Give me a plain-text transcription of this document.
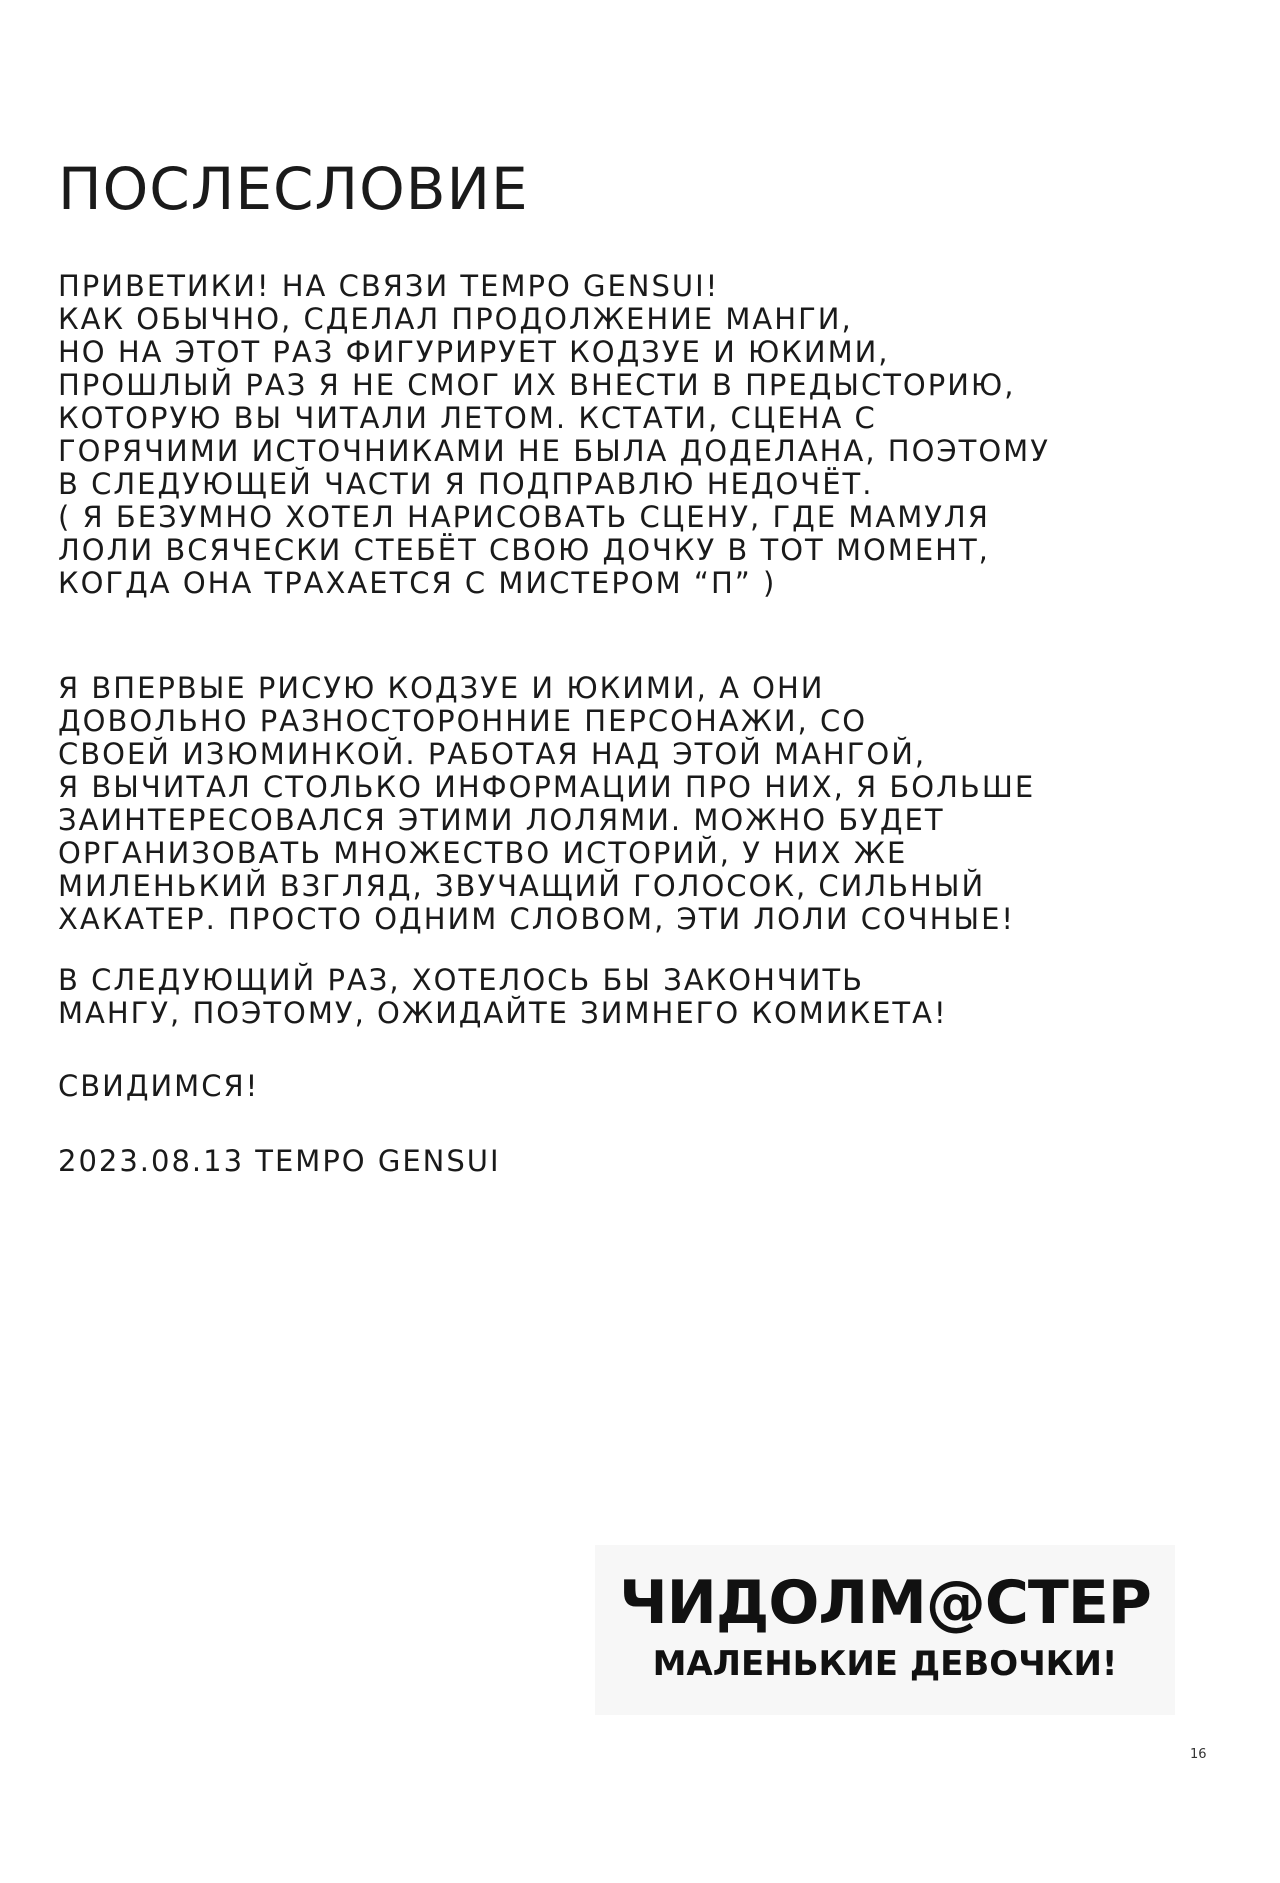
ПОСЛЕСЛОВИЕ

ПРИВЕТИКИ! НА СВЯЗИ TEMPO GENSUI!
КАК ОБЫЧНО, СДЕЛАЛ ПРОДОЛЖЕНИЕ МАНГИ,
НО НА ЭТОТ РАЗ ФИГУРИРУЕТ КОДЗУЕ И ЮКИМИ,
ПРОШЛЫЙ РАЗ Я НЕ СМОГ ИХ ВНЕСТИ В ПРЕДЫСТОРИЮ,
КОТОРУЮ ВЫ ЧИТАЛИ ЛЕТОМ. КСТАТИ, СЦЕНА С
ГОРЯЧИМИ ИСТОЧНИКАМИ НЕ БЫЛА ДОДЕЛАНА, ПОЭТОМУ
В СЛЕДУЮЩЕЙ ЧАСТИ Я ПОДПРАВЛЮ НЕДОЧЁТ.
( Я БЕЗУМНО ХОТЕЛ НАРИСОВАТЬ СЦЕНУ, ГДЕ МАМУЛЯ
ЛОЛИ ВСЯЧЕСКИ СТЕБЁТ СВОЮ ДОЧКУ В ТОТ МОМЕНТ,
КОГДА ОНА ТРАХАЕТСЯ С МИСТЕРОМ “П” )

Я ВПЕРВЫЕ РИСУЮ КОДЗУЕ И ЮКИМИ, А ОНИ
ДОВОЛЬНО РАЗНОСТОРОННИЕ ПЕРСОНАЖИ, СО
СВОЕЙ ИЗЮМИНКОЙ. РАБОТАЯ НАД ЭТОЙ МАНГОЙ,
Я ВЫЧИТАЛ СТОЛЬКО ИНФОРМАЦИИ ПРО НИХ, Я БОЛЬШЕ
ЗАИНТЕРЕСОВАЛСЯ ЭТИМИ ЛОЛЯМИ. МОЖНО БУДЕТ
ОРГАНИЗОВАТЬ МНОЖЕСТВО ИСТОРИЙ, У НИХ ЖЕ
МИЛЕНЬКИЙ ВЗГЛЯД, ЗВУЧАЩИЙ ГОЛОСОК, СИЛЬНЫЙ
ХАКАТЕР. ПРОСТО ОДНИМ СЛОВОМ, ЭТИ ЛОЛИ СОЧНЫЕ!

В СЛЕДУЮЩИЙ РАЗ, ХОТЕЛОСЬ БЫ ЗАКОНЧИТЬ
МАНГУ, ПОЭТОМУ, ОЖИДАЙТЕ ЗИМНЕГО КОМИКЕТА!

СВИДИМСЯ!

2023.08.13 TEMPO GENSUI

ЧИДОЛМ@СТЕР
МАЛЕНЬКИЕ ДЕВОЧКИ!
16
